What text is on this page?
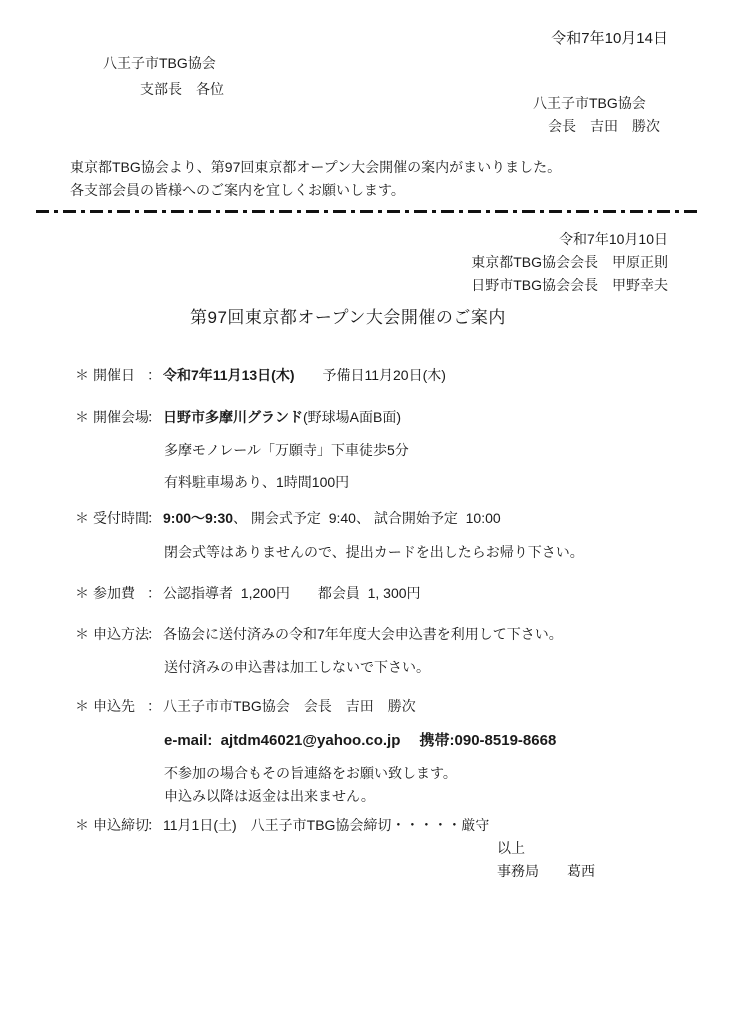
令和7年10月14日
八王子市TBG協会
支部長　各位
八王子市TBG協会
会長　吉田　勝次
東京都TBG協会より、第97回東京都オープン大会開催の案内がまいりました。
各支部会員の皆様へのご案内を宜しくお願いします。
令和7年10月10日
東京都TBG協会会長　甲原正則
日野市TBG協会会長　甲野幸夫
第97回東京都オープン大会開催のご案内
＊ 開催日 ： 令和7年11月13日(木)　　予備日11月20日(木)
＊ 開催会場
： 日野市多摩川グランド(野球場A面B面)
多摩モノレール「万願寺」下車徒歩5分
有料駐車場あり、1時間100円
＊ 受付時間
： 9:00～9:30、 開会式予定  9:40、 試合開始予定  10:00
閉会式等はありませんので、提出カードを出したらお帰り下さい。
＊ 参加費 ： 公認指導者  1,200円　　都会員  1, 300円
＊ 申込方法
： 各協会に送付済みの令和7年年度大会申込書を利用して下さい。
送付済みの申込書は加工しないで下さい。
＊ 申込先 ： 八王子市市TBG協会　会長　吉田　勝次
e-mail:  ajtdm46021@yahoo.co.jp　 携帯:090-8519-8668
不参加の場合もその旨連絡をお願い致します。
申込み以降は返金は出来ません。
＊ 申込締切
： 11月1日(土)　八王子市TBG協会締切・・・・・厳守
以上
事務局　　葛西
